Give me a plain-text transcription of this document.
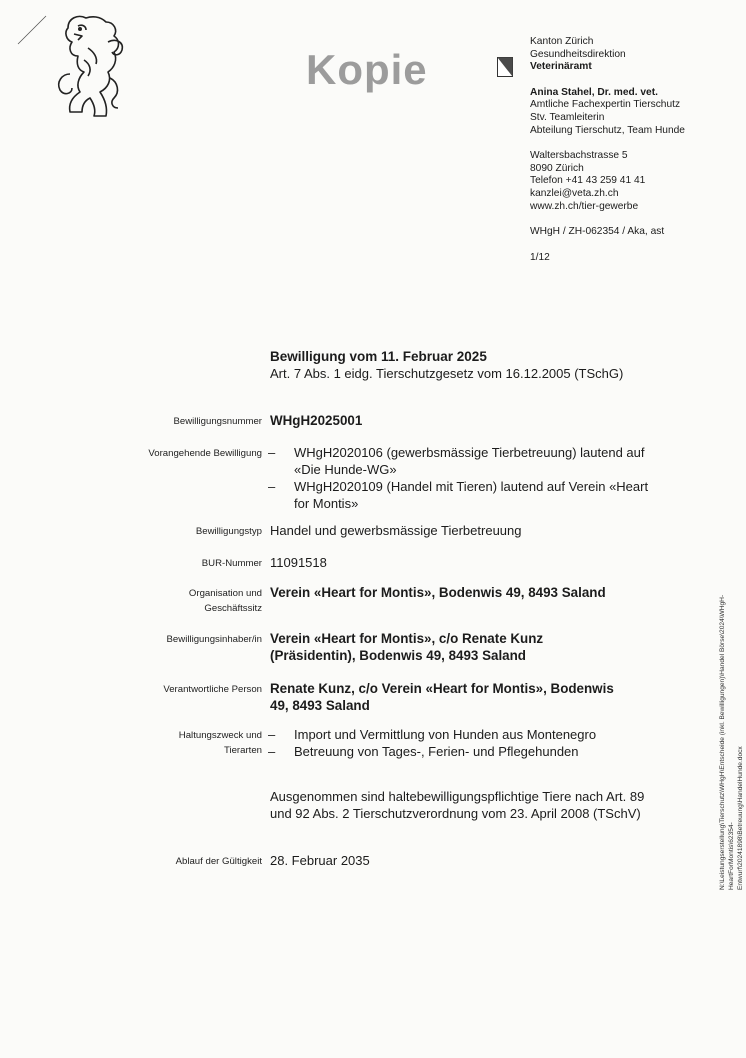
Kopie
Kanton Zürich
Gesundheitsdirektion
Veterinäramt
Anina Stahel, Dr. med. vet.
Amtliche Fachexpertin Tierschutz
Stv. Teamleiterin
Abteilung Tierschutz, Team Hunde
Waltersbachstrasse 5
8090 Zürich
Telefon +41 43 259 41 41
kanzlei@veta.zh.ch
www.zh.ch/tier-gewerbe
WHgH / ZH-062354 / Aka, ast
1/12
Bewilligung vom 11. Februar 2025
Art. 7 Abs. 1 eidg. Tierschutzgesetz vom 16.12.2005 (TSchG)
Bewilligungsnummer WHgH2025001
Vorangehende Bewilligung – WHgH2020106 (gewerbsmässige Tierbetreuung) lautend auf
«Die Hunde-WG»
– WHgH2020109 (Handel mit Tieren) lautend auf Verein «Heart
for Montis»
Bewilligungstyp Handel und gewerbsmässige Tierbetreuung
BUR-Nummer 11091518
Organisation und
Geschäftssitz
Verein «Heart for Montis», Bodenwis 49, 8493 Saland
Bewilligungsinhaber/in Verein «Heart for Montis», c/o Renate Kunz
(Präsidentin), Bodenwis 49, 8493 Saland
Verantwortliche Person Renate Kunz, c/o Verein «Heart for Montis», Bodenwis
49, 8493 Saland
Haltungszweck und
Tierarten
– Import und Vermittlung von Hunden aus Montenegro
– Betreuung von Tages-, Ferien- und Pflegehunden
Ausgenommen sind haltebewilligungspflichtige Tiere nach Art. 89
und 92 Abs. 2 Tierschutzverordnung vom 23. April 2008 (TSchV)
Ablauf der Gültigkeit 28. Februar 2035	N:\Leistungserstellung\Tierschutz\WHgH\Entscheide (inkl. Bewilligungen)\Handel Börse\2024\WHgH-HeartForMontis\62354- Entwurf\20241898\Betreuung\HandelHunde.docx
